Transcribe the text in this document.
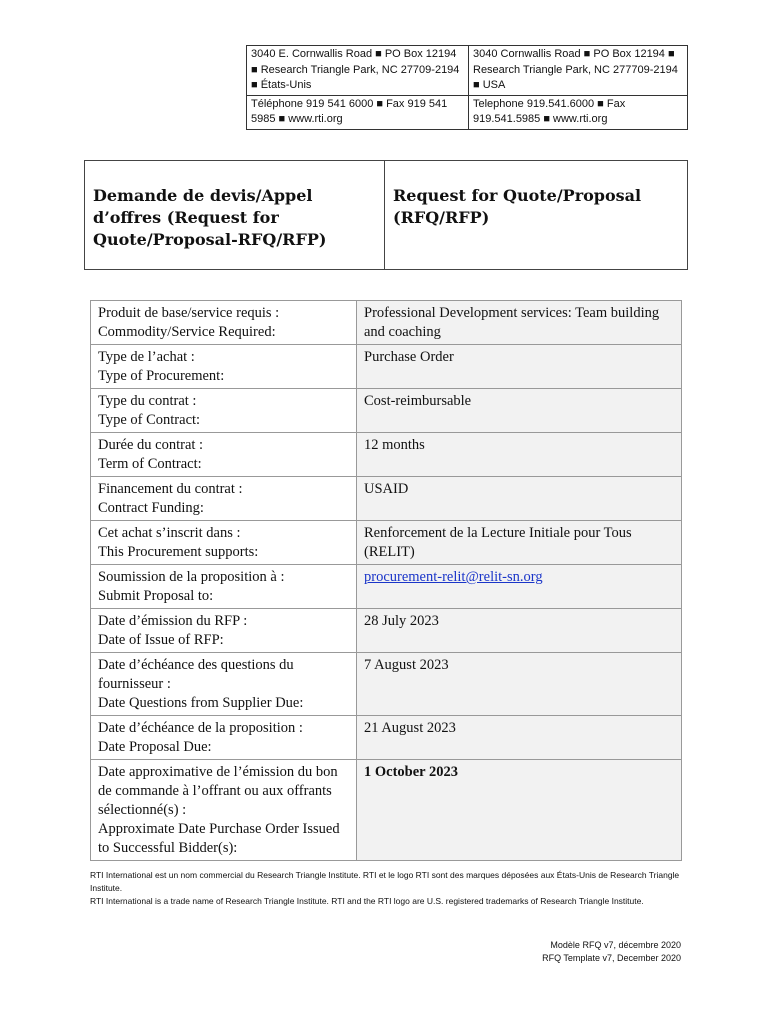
3040 E. Cornwallis Road ■ PO Box 12194 ■ Research Triangle Park, NC 27709-2194 ■ États-Unis	3040 Cornwallis Road ■ PO Box 12194 ■ Research Triangle Park, NC 277709-2194 ■ USA
Téléphone 919 541 6000 ■ Fax 919 541 5985 ■ www.rti.org	Telephone 919.541.6000 ■ Fax 919.541.5985 ■ www.rti.org
Demande de devis/Appel d’offres (Request for Quote/Proposal-RFQ/RFP)	Request for Quote/Proposal (RFQ/RFP)
Produit de base/service requis :
Commodity/Service Required:	Professional Development services: Team building and coaching

Type de l’achat :
Type of Procurement:	Purchase Order

Type du contrat :
Type of Contract:	Cost-reimbursable

Durée du contrat :
Term of Contract:	12 months

Financement du contrat :
Contract Funding:	USAID

Cet achat s’inscrit dans :
This Procurement supports:	Renforcement de la Lecture Initiale pour Tous (RELIT)

Soumission de la proposition à :
Submit Proposal to:	procurement-relit@relit-sn.org

Date d’émission du RFP :
Date of Issue of RFP:	28 July 2023

Date d’échéance des questions du fournisseur :
Date Questions from Supplier Due:	7 August 2023

Date d’échéance de la proposition :
Date Proposal Due:	21 August 2023

Date approximative de l’émission du bon de commande à l’offrant ou aux offrants sélectionné(s) :
Approximate Date Purchase Order Issued to Successful Bidder(s):	1 October 2023
RTI International est un nom commercial du Research Triangle Institute. RTI et le logo RTI sont des marques déposées aux États-Unis de Research Triangle Institute.
RTI International is a trade name of Research Triangle Institute. RTI and the RTI logo are U.S. registered trademarks of Research Triangle Institute.
Modèle RFQ v7, décembre 2020
RFQ Template v7, December 2020
